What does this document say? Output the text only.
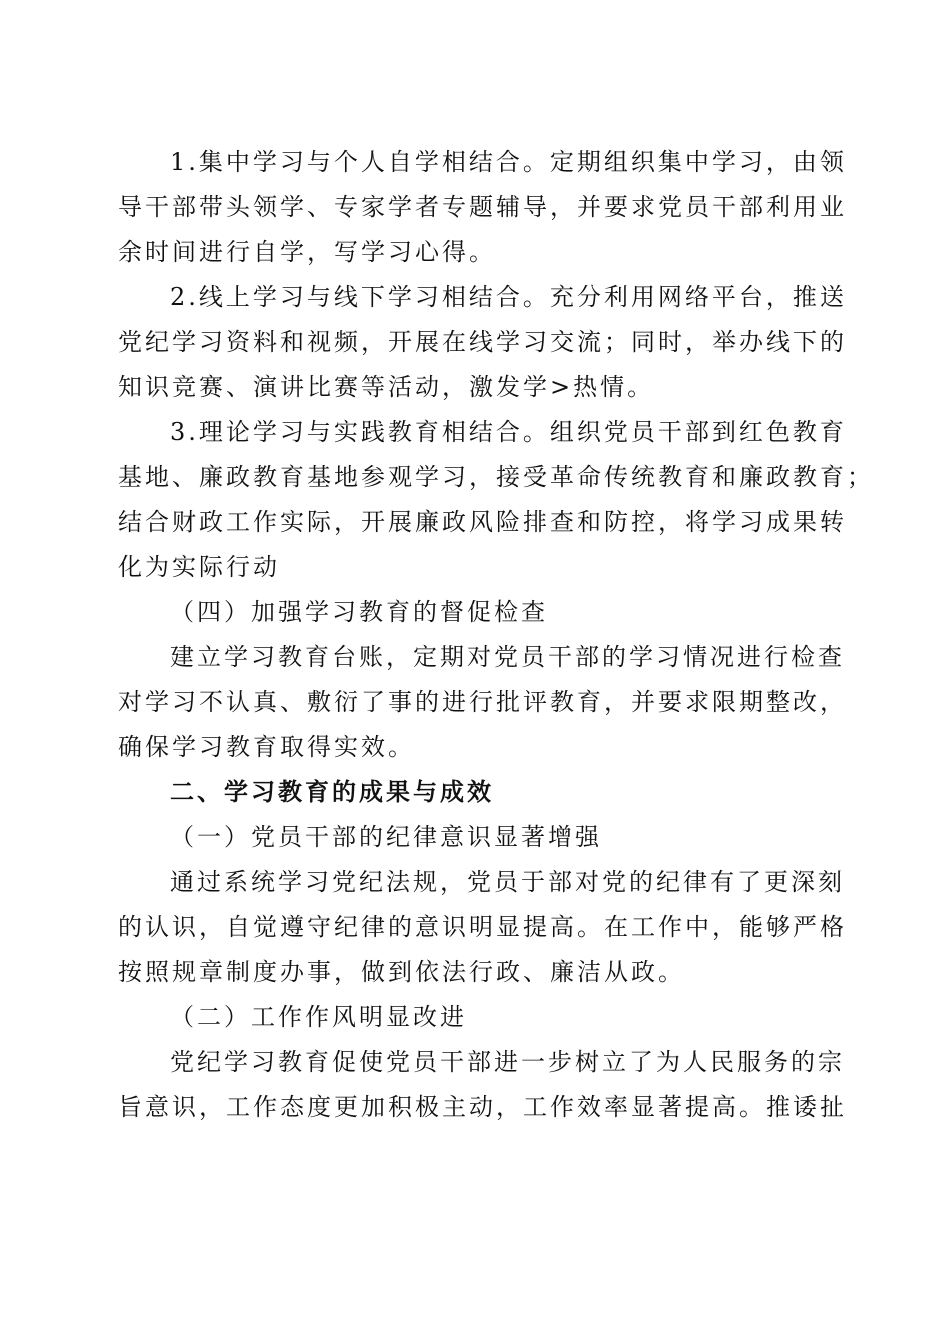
1.集中学习与个人自学相结合。定期组织集中学习，由领
导干部带头领学、专家学者专题辅导，并要求党员干部利用业
余时间进行自学，写学习心得。
2.线上学习与线下学习相结合。充分利用网络平台，推送
党纪学习资料和视频，开展在线学习交流；同时，举办线下的
知识竞赛、演讲比赛等活动，激发学>热情。
3.理论学习与实践教育相结合。组织党员干部到红色教育
基地、廉政教育基地参观学习，接受革命传统教育和廉政教育；
结合财政工作实际，开展廉政风险排查和防控，将学习成果转
化为实际行动
（四）加强学习教育的督促检查
建立学习教育台账，定期对党员干部的学习情况进行检查
对学习不认真、敷衍了事的进行批评教育，并要求限期整改，
确保学习教育取得实效。
二、学习教育的成果与成效
（一）党员干部的纪律意识显著增强
通过系统学习党纪法规，党员于部对党的纪律有了更深刻
的认识，自觉遵守纪律的意识明显提高。在工作中，能够严格
按照规章制度办事，做到依法行政、廉洁从政。
（二）工作作风明显改进
党纪学习教育促使党员干部进一步树立了为人民服务的宗
旨意识，工作态度更加积极主动，工作效率显著提高。推诿扯
